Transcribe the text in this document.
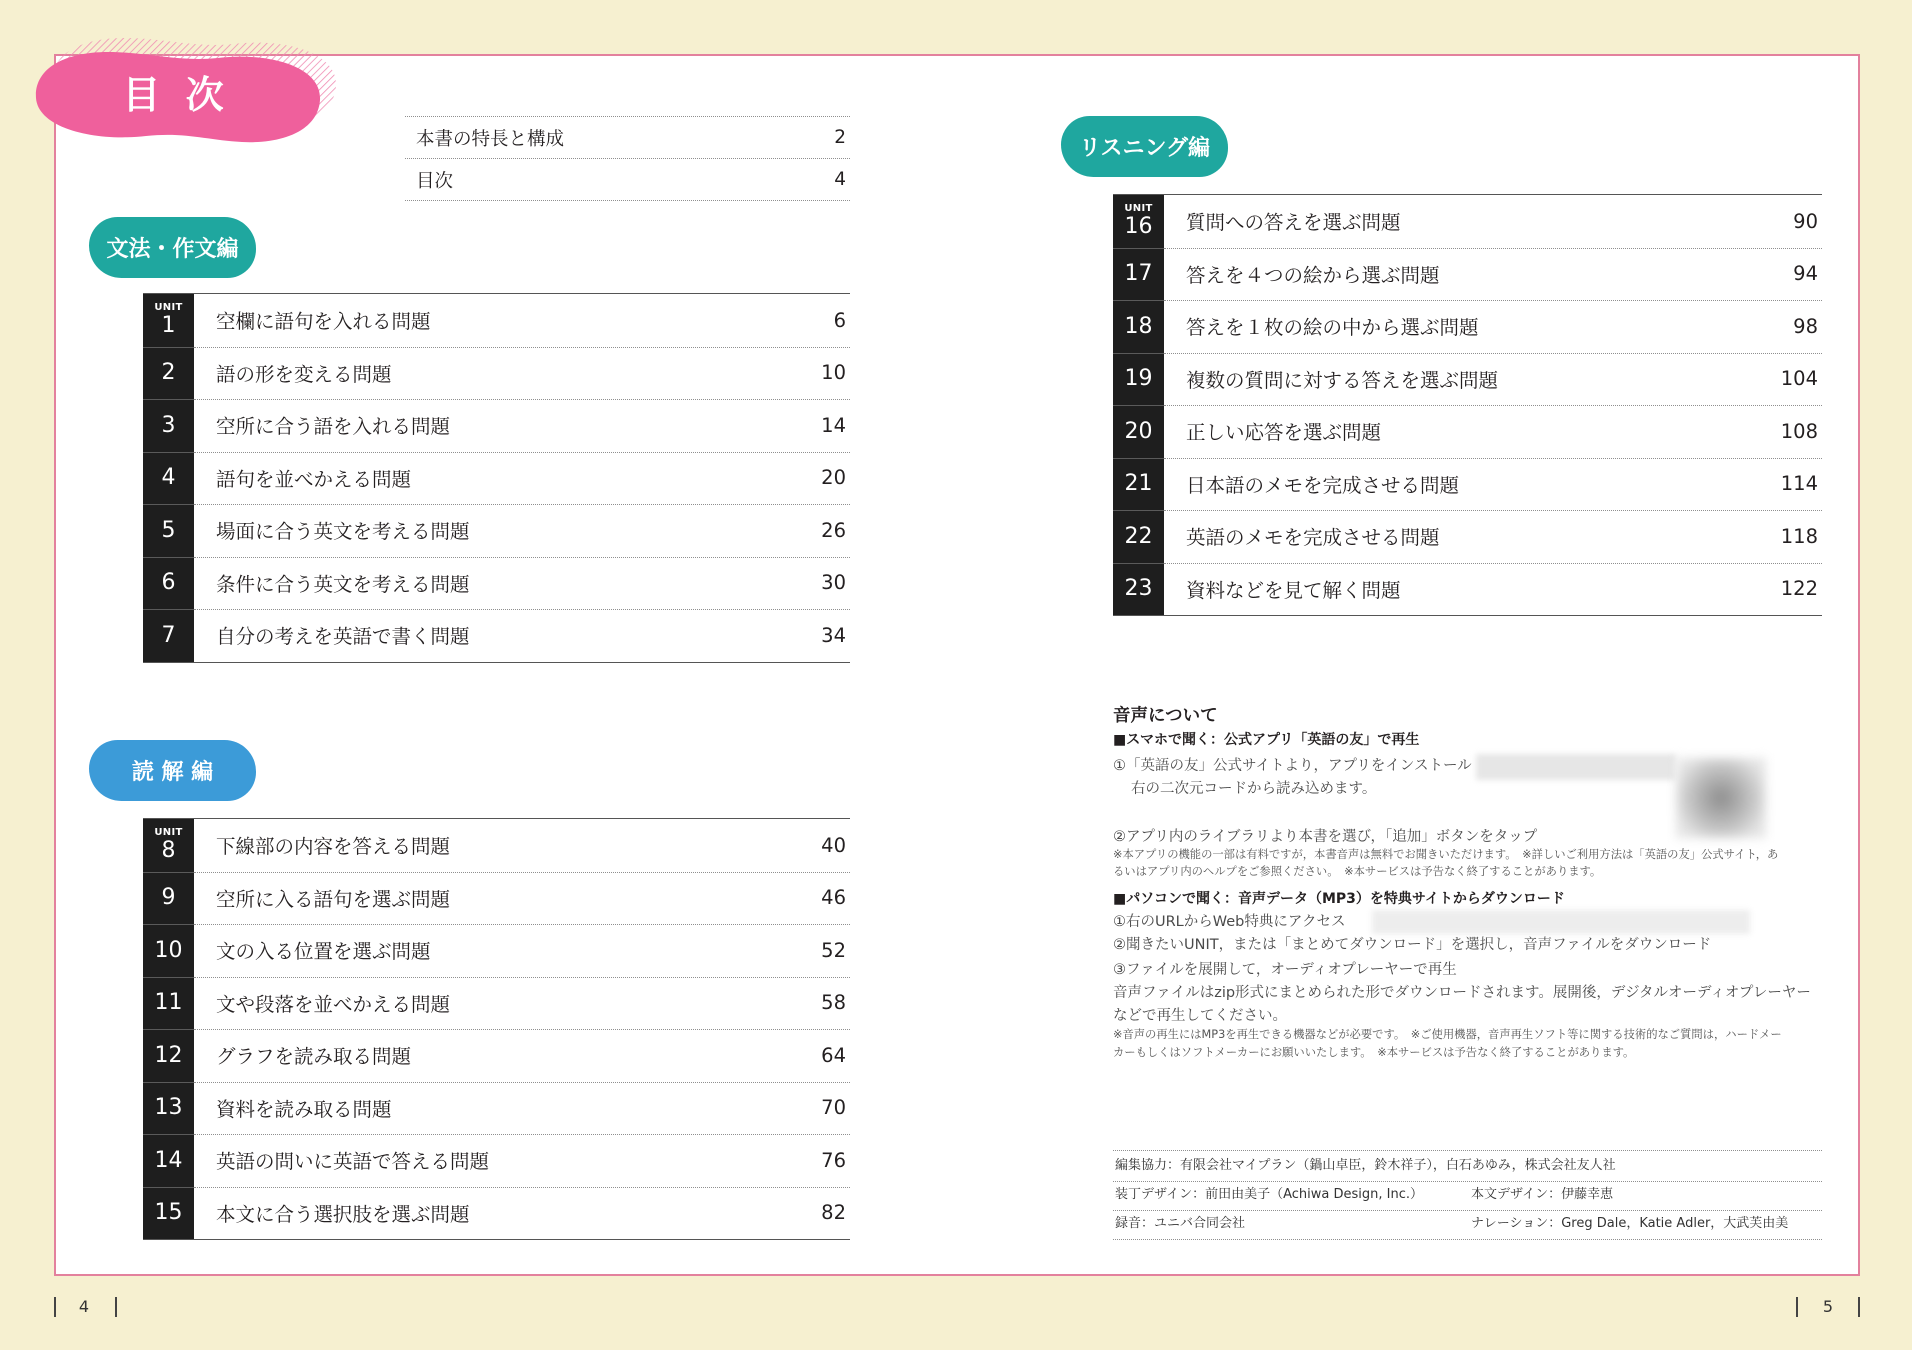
目 次
本書の特長と構成	2
目次	4
文法・作文編
UNIT
1	空欄に語句を入れる問題	6
2	語の形を変える問題	10
3	空所に合う語を入れる問題	14
4	語句を並べかえる問題	20
5	場面に合う英文を考える問題	26
6	条件に合う英文を考える問題	30
7	自分の考えを英語で書く問題	34
読 解 編
UNIT
8	下線部の内容を答える問題	40
9	空所に入る語句を選ぶ問題	46
10	文の入る位置を選ぶ問題	52
11	文や段落を並べかえる問題	58
12	グラフを読み取る問題	64
13	資料を読み取る問題	70
14	英語の問いに英語で答える問題	76
15	本文に合う選択肢を選ぶ問題	82
リスニング編
UNIT
16	質問への答えを選ぶ問題	90
17	答えを４つの絵から選ぶ問題	94
18	答えを１枚の絵の中から選ぶ問題	98
19	複数の質問に対する答えを選ぶ問題	104
20	正しい応答を選ぶ問題	108
21	日本語のメモを完成させる問題	114
22	英語のメモを完成させる問題	118
23	資料などを見て解く問題	122
音声について
■スマホで聞く：公式アプリ「英語の友」で再生
①「英語の友」公式サイトより，アプリをインストール
右の二次元コードから読み込めます。
②アプリ内のライブラリより本書を選び，「追加」ボタンをタップ
※本アプリの機能の一部は有料ですが，本書音声は無料でお聞きいただけます。　※詳しいご利用方法は「英語の友」公式サイト，あ
るいはアプリ内のヘルプをご参照ください。　※本サービスは予告なく終了することがあります。
■パソコンで聞く：音声データ（MP3）を特典サイトからダウンロード
①右のURLからWeb特典にアクセス
②聞きたいUNIT，または「まとめてダウンロード」を選択し，音声ファイルをダウンロード
③ファイルを展開して，オーディオプレーヤーで再生
音声ファイルはzip形式にまとめられた形でダウンロードされます。展開後，デジタルオーディオプレーヤー
などで再生してください。
※音声の再生にはMP3を再生できる機器などが必要です。　※ご使用機器，音声再生ソフト等に関する技術的なご質問は，ハードメー
カーもしくはソフトメーカーにお願いいたします。　※本サービスは予告なく終了することがあります。
編集協力：有限会社マイプラン（鍋山卓臣，鈴木祥子），白石あゆみ，株式会社友人社
装丁デザイン：前田由美子（Achiwa Design, Inc.）	本文デザイン：伊藤幸恵
録音：ユニバ合同会社	ナレーション：Greg Dale，Katie Adler，大武芙由美
4	5
